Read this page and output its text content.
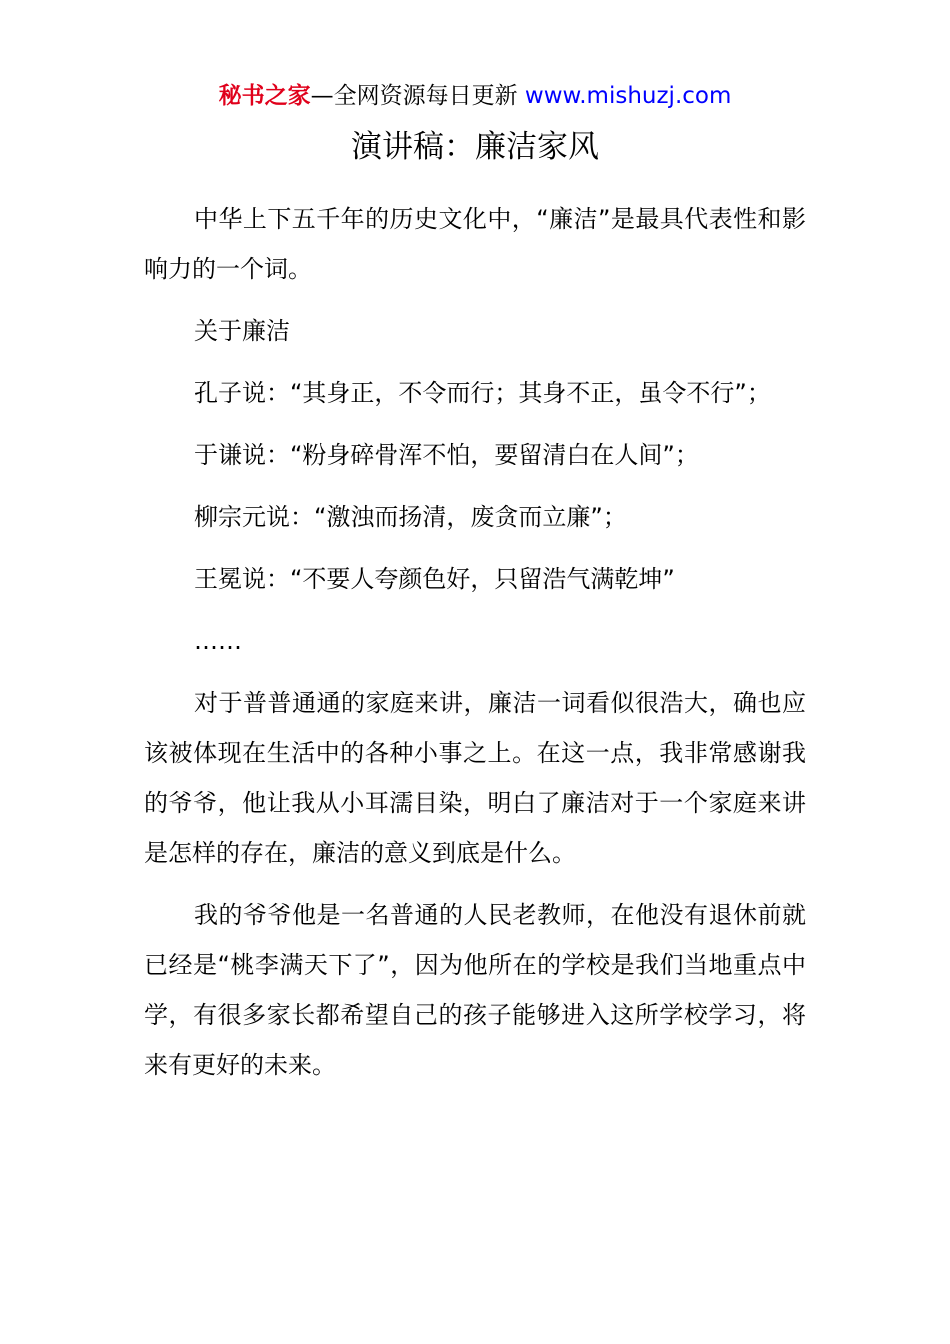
秘书之家—全网资源每日更新 www.mishuzj.com
演讲稿：廉洁家风

中华上下五千年的历史文化中，“廉洁”是最具代表性和影响力的一个词。

关于廉洁

孔子说：“其身正，不令而行；其身不正，虽令不行”；

于谦说：“粉身碎骨浑不怕，要留清白在人间”；

柳宗元说：“激浊而扬清，废贪而立廉”；

王冕说：“不要人夸颜色好，只留浩气满乾坤”

……

对于普普通通的家庭来讲，廉洁一词看似很浩大，确也应该被体现在生活中的各种小事之上。在这一点，我非常感谢我的爷爷，他让我从小耳濡目染，明白了廉洁对于一个家庭来讲是怎样的存在，廉洁的意义到底是什么。

我的爷爷他是一名普通的人民老教师，在他没有退休前就已经是“桃李满天下了”，因为他所在的学校是我们当地重点中学，有很多家长都希望自己的孩子能够进入这所学校学习，将来有更好的未来。
